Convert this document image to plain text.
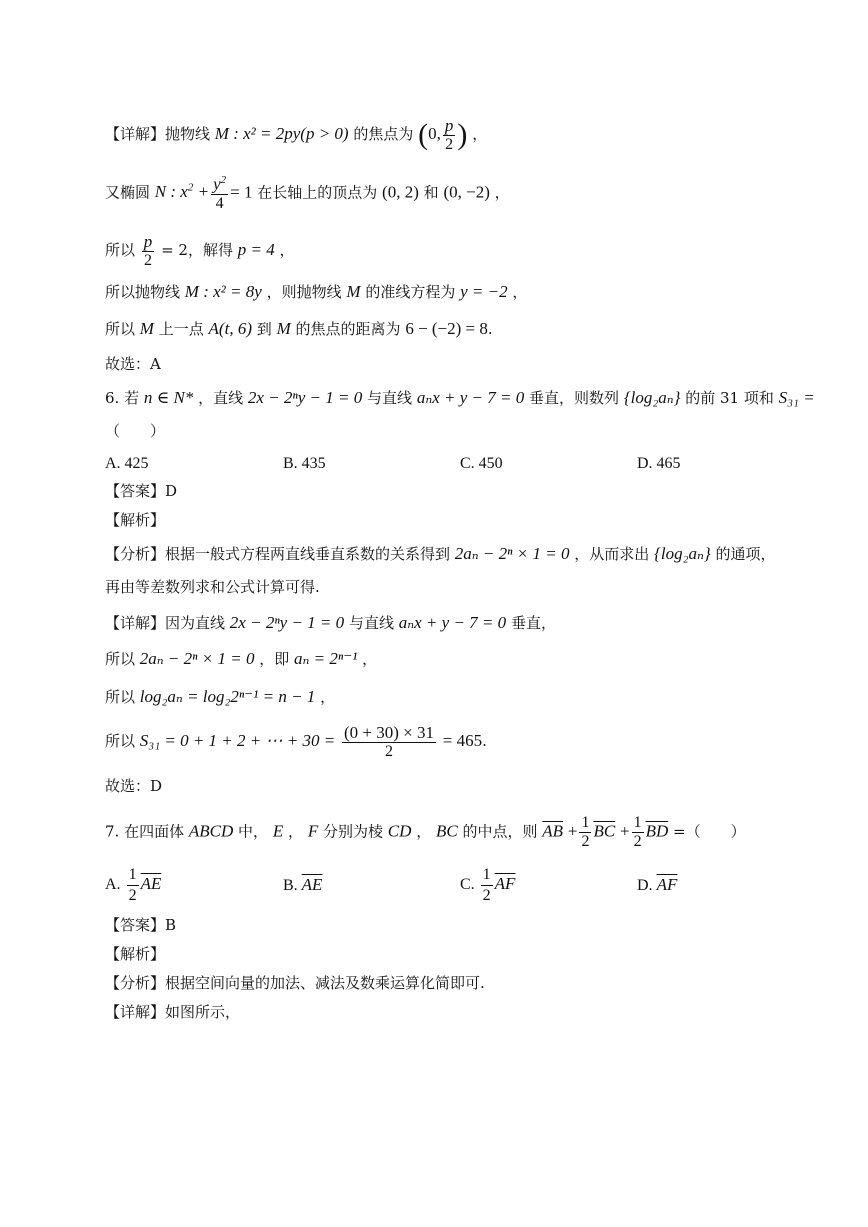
【详解】抛物线 M : x² = 2py(p > 0) 的焦点为 (0, $\frac{p}{2}$ ) ，
又椭圆 N : $x^2 + \frac{y^2}{4} = 1$ 在长轴上的顶点为 (0, 2) 和 (0, −2) ，
所以 $\frac{p}{2} = 2$，解得 p = 4 ，
所以抛物线 M : x² = 8y ，则抛物线 M 的准线方程为 y = −2 ，
所以 M 上一点 A(t, 6) 到 M 的焦点的距离为 6 − (−2) = 8.
故选：A
6. 若 n ∈ N* ，直线 2x − 2ⁿy − 1 = 0 与直线 aₙx + y − 7 = 0 垂直，则数列 {log₂aₙ} 的前 31 项和 S₃₁ =
（　　）
A. 425	B. 435	C. 450	D. 465
【答案】D
【解析】
【分析】根据一般式方程两直线垂直系数的关系得到 2aₙ − 2ⁿ × 1 = 0 ，从而求出 {log₂aₙ} 的通项，
再由等差数列求和公式计算可得.
【详解】因为直线 2x − 2ⁿy − 1 = 0 与直线 aₙx + y − 7 = 0 垂直，
所以 2aₙ − 2ⁿ × 1 = 0 ，即 aₙ = 2ⁿ⁻¹ ，
所以 log₂aₙ = log₂2ⁿ⁻¹ = n − 1 ，
所以 S₃₁ = 0 + 1 + 2 + ⋯ + $30 = \frac{(0 + 30) \times 31}{2} = 465$.
故选：D
7. 在四面体 ABCD 中， E ， F 分别为棱 CD ， BC 的中点，则 $\overline{AB} + \frac{1}{2} \overline{BC} + \frac{1}{2} \overline{BD}$ =（　　）
A. $\frac{1}{2} \overline{AE}$	B. $\overline{AE}$	C. $\frac{1}{2} \overline{AF}$	D. $\overline{AF}$
【答案】B
【解析】
【分析】根据空间向量的加法、减法及数乘运算化简即可.
【详解】如图所示，
